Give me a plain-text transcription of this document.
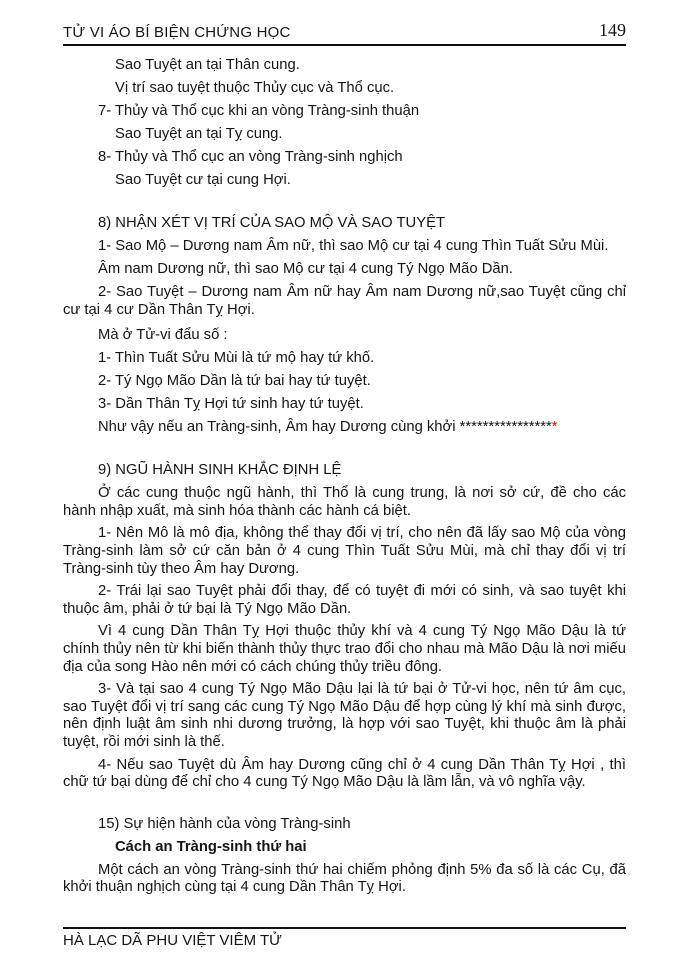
TỬ VI ÁO BÍ BIỆN CHỨNG HỌC	149
Sao Tuyệt an tại Thân cung.
Vị trí sao tuyệt thuộc Thủy cục và Thổ cục.
7- Thủy và Thổ cục khi an vòng Tràng-sinh thuận
Sao Tuyệt an tại Tỵ cung.
8- Thủy và Thổ cục an vòng Tràng-sinh nghịch
Sao Tuyệt cư tại cung Hợi.
8) NHẬN XÉT VỊ TRÍ CỦA SAO MỘ VÀ SAO TUYỆT
1- Sao Mộ – Dương nam Âm nữ, thì sao Mộ cư tại 4 cung Thìn Tuất Sửu Mùi.
Âm nam Dương nữ, thì sao Mộ cư tại 4 cung Tý Ngọ Mão Dần.
2- Sao Tuyệt – Dương nam Âm nữ hay Âm nam Dương nữ,sao Tuyệt cũng chỉ cư tại 4 cư Dần Thân Tỵ Hợi.
Mà ở Tử-vi đẩu số :
1- Thìn Tuất Sửu Mùi là tứ mộ hay tứ khố.
2- Tý Ngọ Mão Dần là tứ bai hay tứ tuyệt.
3- Dần Thân Tỵ Hợi tứ sinh hay tứ tuyệt.
Như vậy nếu an Tràng-sinh, Âm hay Dương cùng khởi *****************
9) NGŨ HÀNH SINH KHẮC ĐỊNH LỆ
Ở các cung thuộc ngũ hành, thì Thổ là cung trung, là nơi sở cứ, đề cho các hành nhập xuất, mà sinh hóa thành các hành cá biệt.
1- Nên Mô là mô địa, không thể thay đổi vị trí, cho nên đã lấy sao Mộ của vòng Tràng-sinh làm sở cứ căn bản ở 4 cung Thìn Tuất Sửu Mùi, mà chỉ thay đổi vị trí Tràng-sinh tùy theo Âm hay Dương.
2- Trái lại sao Tuyệt phải đổi thay, để có tuyệt đi mới có sinh, và sao tuyệt khi thuộc âm, phải ở tứ bại là Tý Ngọ Mão Dần.
Vì 4 cung Dần Thân Tỵ Hợi thuộc thủy khí và 4 cung Tý Ngọ Mão Dậu là tứ chính thủy nên từ khi biến thành thủy thực trao đổi cho nhau mà Mão Dậu là nơi miếu địa của song Hào nên mới có cách chúng thủy triều đông.
3- Và tại sao 4 cung Tý Ngọ Mão Dậu lại là tứ bại ở Tử-vi học, nên tứ âm cục, sao Tuyệt đổi vị trí sang các cung Tý Ngọ Mão Dậu để hợp cùng lý khí mà sinh được, nên định luật âm sinh nhi dương trưởng, là hợp với sao Tuyệt, khi thuộc âm là phải tuyệt, rồi mới sinh là thế.
4- Nếu sao Tuyệt dù Âm hay Dương cũng chỉ ở 4 cung Dần Thân Tỵ Hợi , thì chữ tứ bại dùng để chỉ cho 4 cung Tý Ngọ Mão Dậu là lầm lẫn, và vô nghĩa vậy.
15) Sự hiện hành của vòng Tràng-sinh
Cách an Tràng-sinh thứ hai
Một cách an vòng Tràng-sinh thứ hai chiếm phỏng định 5% đa số là các Cụ, đã khởi thuận nghịch cùng tại 4 cung Dần Thân Tỵ Hợi.
HÀ LẠC DÃ PHU VIỆT VIÊM TỬ
